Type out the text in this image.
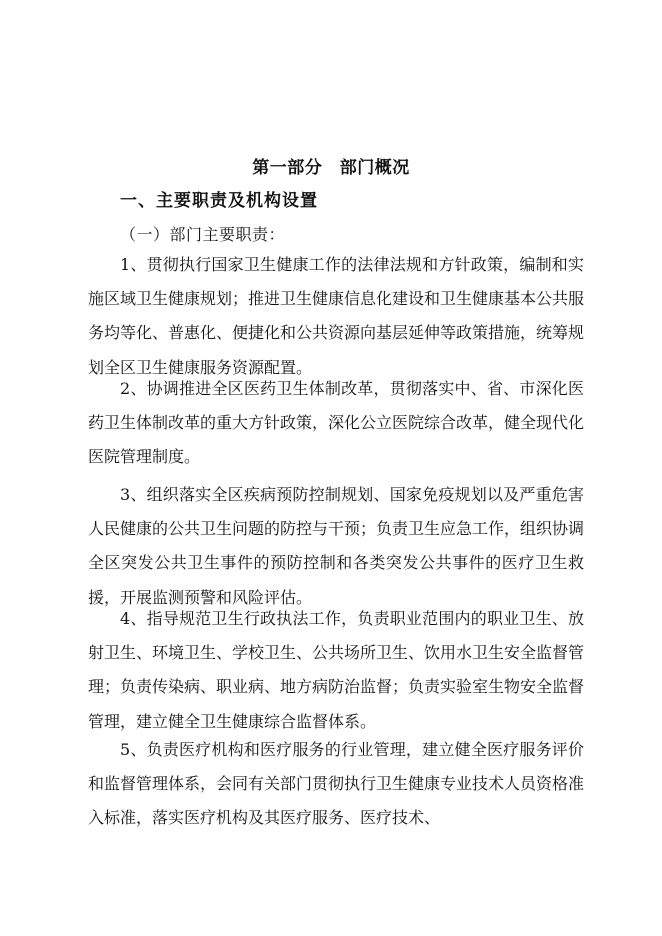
第一部分　部门概况
一、主要职责及机构设置
（一）部门主要职责：

1、贯彻执行国家卫生健康工作的法律法规和方针政策，编制和实施区域卫生健康规划；推进卫生健康信息化建设和卫生健康基本公共服务均等化、普惠化、便捷化和公共资源向基层延伸等政策措施，统筹规划全区卫生健康服务资源配置。

2、协调推进全区医药卫生体制改革，贯彻落实中、省、市深化医药卫生体制改革的重大方针政策，深化公立医院综合改革，健全现代化医院管理制度。

3、组织落实全区疾病预防控制规划、国家免疫规划以及严重危害人民健康的公共卫生问题的防控与干预；负责卫生应急工作，组织协调全区突发公共卫生事件的预防控制和各类突发公共事件的医疗卫生救援，开展监测预警和风险评估。

4、指导规范卫生行政执法工作，负责职业范围内的职业卫生、放射卫生、环境卫生、学校卫生、公共场所卫生、饮用水卫生安全监督管理；负责传染病、职业病、地方病防治监督；负责实验室生物安全监督管理，建立健全卫生健康综合监督体系。

5、负责医疗机构和医疗服务的行业管理，建立健全医疗服务评价和监督管理体系，会同有关部门贯彻执行卫生健康专业技术人员资格准入标准，落实医疗机构及其医疗服务、医疗技术、
